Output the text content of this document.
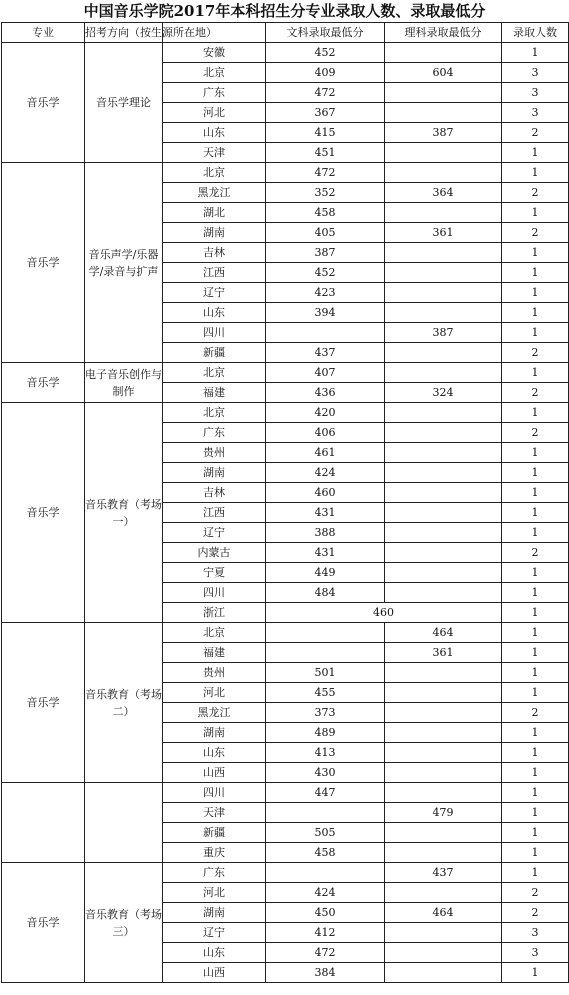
中国音乐学院2017年本科招生分专业录取人数、录取最低分
专业	招考方向（按生源所在地）		文科录取最低分	理科录取最低分	录取人数
音乐学	音乐学理论	安徽	452		1
		北京	409	604	3
		广东	472		3
		河北	367		3
		山东	415	387	2
		天津	451		1
音乐学	音乐声学/乐器学/录音与扩声	北京	472		1
		黑龙江	352	364	2
		湖北	458		1
		湖南	405	361	2
		吉林	387		1
		江西	452		1
		辽宁	423		1
		山东	394		1
		四川		387	1
		新疆	437		2
音乐学	电子音乐创作与制作	北京	407		1
		福建	436	324	2
音乐学	音乐教育（考场一）	北京	420		1
		广东	406		2
		贵州	461		1
		湖南	424		1
		吉林	460		1
		江西	431		1
		辽宁	388		1
		内蒙古	431		2
		宁夏	449		1
		四川	484		1
		浙江	460		1
音乐学	音乐教育（考场二）	北京		464	1
		福建		361	1
		贵州	501		1
		河北	455		1
		黑龙江	373		2
		湖南	489		1
		山东	413		1
		山西	430		1
		四川	447		1
		天津		479	1
		新疆	505		1
		重庆	458		1
音乐学	音乐教育（考场三）	广东		437	1
		河北	424		2
		湖南	450	464	2
		辽宁	412		3
		山东	472		3
		山西	384		1
